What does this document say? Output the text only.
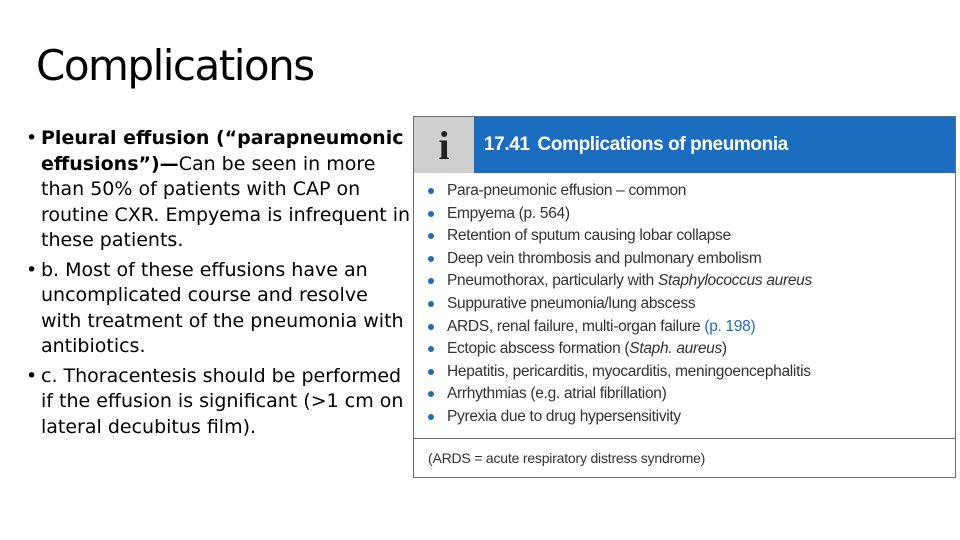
Complications
• Pleural effusion (“parapneumonic effusions”)—Can be seen in more than 50% of patients with CAP on routine CXR. Empyema is infrequent in these patients.
• b. Most of these effusions have an uncomplicated course and resolve with treatment of the pneumonia with antibiotics.
• c. Thoracentesis should be performed if the effusion is significant (>1 cm on lateral decubitus film).
i 17.41 Complications of pneumonia
Para-pneumonic effusion – common
Empyema (p. 564)
Retention of sputum causing lobar collapse
Deep vein thrombosis and pulmonary embolism
Pneumothorax, particularly with Staphylococcus aureus
Suppurative pneumonia/lung abscess
ARDS, renal failure, multi-organ failure (p. 198)
Ectopic abscess formation (Staph. aureus)
Hepatitis, pericarditis, myocarditis, meningoencephalitis
Arrhythmias (e.g. atrial fibrillation)
Pyrexia due to drug hypersensitivity
(ARDS = acute respiratory distress syndrome)
